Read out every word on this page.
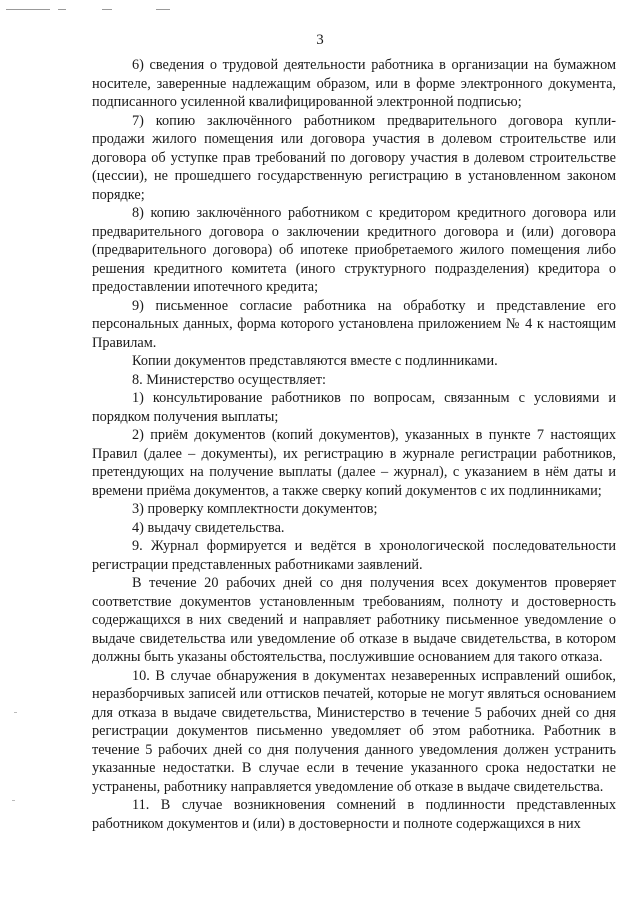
3

6) сведения о трудовой деятельности работника в организации на бумажном носителе, заверенные надлежащим образом, или в форме электронного документа, подписанного усиленной квалифицированной электронной подписью;

7) копию заключённого работником предварительного договора купли-продажи жилого помещения или договора участия в долевом строительстве или договора об уступке прав требований по договору участия в долевом строительстве (цессии), не прошедшего государственную регистрацию в установленном законом порядке;

8) копию заключённого работником с кредитором кредитного договора или предварительного договора о заключении кредитного договора и (или) договора (предварительного договора) об ипотеке приобретаемого жилого помещения либо решения кредитного комитета (иного структурного подразделения) кредитора о предоставлении ипотечного кредита;

9) письменное согласие работника на обработку и представление его персональных данных, форма которого установлена приложением № 4 к настоящим Правилам.

Копии документов представляются вместе с подлинниками.

8. Министерство осуществляет:

1) консультирование работников по вопросам, связанным с условиями и порядком получения выплаты;

2) приём документов (копий документов), указанных в пункте 7 настоящих Правил (далее – документы), их регистрацию в журнале регистрации работников, претендующих на получение выплаты (далее – журнал), с указанием в нём даты и времени приёма документов, а также сверку копий документов с их подлинниками;

3) проверку комплектности документов;

4) выдачу свидетельства.

9. Журнал формируется и ведётся в хронологической последовательности регистрации представленных работниками заявлений.

В течение 20 рабочих дней со дня получения всех документов проверяет соответствие документов установленным требованиям, полноту и достоверность содержащихся в них сведений и направляет работнику письменное уведомление о выдаче свидетельства или уведомление об отказе в выдаче свидетельства, в котором должны быть указаны обстоятельства, послужившие основанием для такого отказа.

10. В случае обнаружения в документах незаверенных исправлений ошибок, неразборчивых записей или оттисков печатей, которые не могут являться основанием для отказа в выдаче свидетельства, Министерство в течение 5 рабочих дней со дня регистрации документов письменно уведомляет об этом работника. Работник в течение 5 рабочих дней со дня получения данного уведомления должен устранить указанные недостатки. В случае если в течение указанного срока недостатки не устранены, работнику направляется уведомление об отказе в выдаче свидетельства.

11. В случае возникновения сомнений в подлинности представленных работником документов и (или) в достоверности и полноте содержащихся в них
